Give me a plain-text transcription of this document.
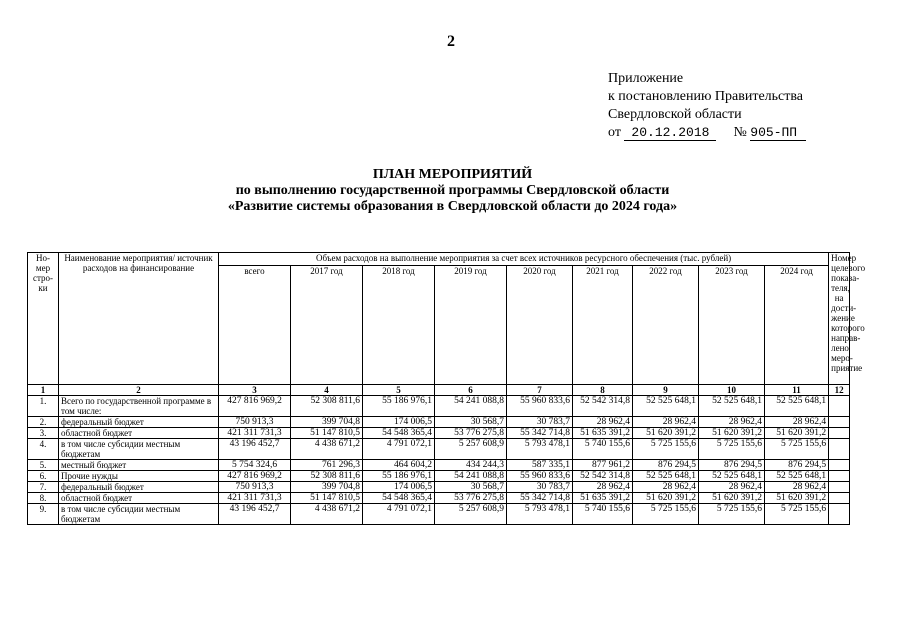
2
Приложение
к постановлению Правительства
Свердловской области
от 20.12.2018 № 905-ПП
ПЛАН МЕРОПРИЯТИЙ
по выполнению государственной программы Свердловской области
«Развитие системы образования в Свердловской области до 2024 года»
Но-мер стро-ки	Наименование мероприятия/ источник расходов на финансирование	Объем расходов на выполнение мероприятия за счет всех источников ресурсного обеспечения (тыс. рублей)									Номер целевого показа-теля, на дости-жение которого направ-лено меро-приятие
		всего	2017 год	2018 год	2019 год	2020 год	2021 год	2022 год	2023 год	2024 год	
1	2	3	4	5	6	7	8	9	10	11	12
1.	Всего по государственной программе в том числе:	427 816 969,2	52 308 811,6	55 186 976,1	54 241 088,8	55 960 833,6	52 542 314,8	52 525 648,1	52 525 648,1	52 525 648,1	
2.	федеральный бюджет	750 913,3	399 704,8	174 006,5	30 568,7	30 783,7	28 962,4	28 962,4	28 962,4	28 962,4	
3.	областной бюджет	421 311 731,3	51 147 810,5	54 548 365,4	53 776 275,8	55 342 714,8	51 635 391,2	51 620 391,2	51 620 391,2	51 620 391,2	
4.	в том числе субсидии местным бюджетам	43 196 452,7	4 438 671,2	4 791 072,1	5 257 608,9	5 793 478,1	5 740 155,6	5 725 155,6	5 725 155,6	5 725 155,6	
5.	местный бюджет	5 754 324,6	761 296,3	464 604,2	434 244,3	587 335,1	877 961,2	876 294,5	876 294,5	876 294,5	
6.	Прочие нужды	427 816 969,2	52 308 811,6	55 186 976,1	54 241 088,8	55 960 833,6	52 542 314,8	52 525 648,1	52 525 648,1	52 525 648,1	
7.	федеральный бюджет	750 913,3	399 704,8	174 006,5	30 568,7	30 783,7	28 962,4	28 962,4	28 962,4	28 962,4	
8.	областной бюджет	421 311 731,3	51 147 810,5	54 548 365,4	53 776 275,8	55 342 714,8	51 635 391,2	51 620 391,2	51 620 391,2	51 620 391,2	
9.	в том числе субсидии местным бюджетам	43 196 452,7	4 438 671,2	4 791 072,1	5 257 608,9	5 793 478,1	5 740 155,6	5 725 155,6	5 725 155,6	5 725 155,6	
